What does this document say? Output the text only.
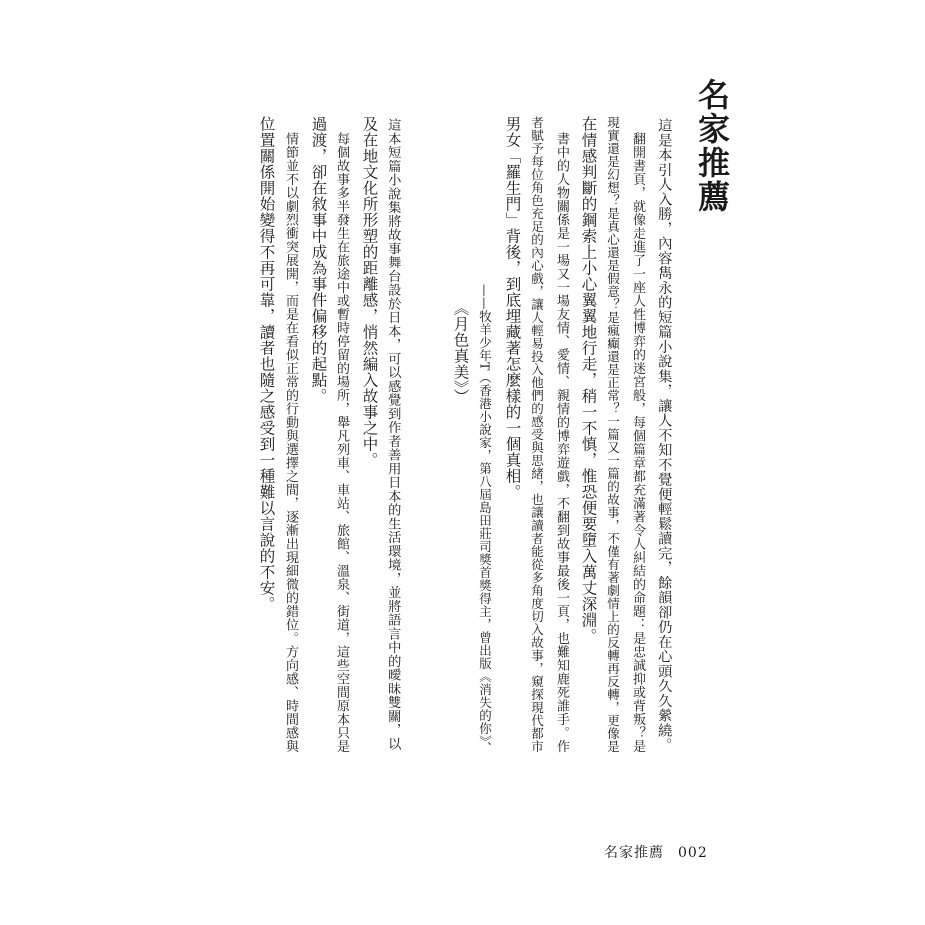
名家推薦
這是本引人入勝，內容雋永的短篇小說集，讓人不知不覺便輕鬆讀完，餘韻卻仍在心頭久久縈繞。
翻開書頁，就像走進了一座人性博弈的迷宮般，每個篇章都充滿著令人糾結的命題：是忠誠抑或背叛？是
現實還是幻想？是真心還是假意？是瘋癲還是正常？一篇又一篇的故事，不僅有著劇情上的反轉再反轉，更像是
在情感判斷的鋼索上小心翼翼地行走，稍一不慎，惟恐便要墮入萬丈深淵。
書中的人物關係是一場又一場友情、愛情、親情的博弈遊戲，不翻到故事最後一頁，也難知鹿死誰手。作
者賦予每位角色充足的內心戲，讓人輕易投入他們的感受與思緒，也讓讀者能從多角度切入故事，窺探現代都市
男女「羅生門」背後，到底埋藏著怎麼樣的一個真相。
——牧羊少年T（香港小說家，第八屆島田莊司獎首獎得主，曾出版《消失的你》、
《月色真美》）
這本短篇小說集將故事舞台設於日本，可以感覺到作者善用日本的生活環境，並將語言中的曖昧雙關，以
及在地文化所形塑的距離感，悄然編入故事之中。
每個故事多半發生在旅途中或暫時停留的場所，舉凡列車、車站、旅館、溫泉、街道，這些空間原本只是
過渡，卻在敘事中成為事件偏移的起點。
情節並不以劇烈衝突展開，而是在看似正常的行動與選擇之間，逐漸出現細微的錯位。方向感、時間感與
位置關係開始變得不再可靠，讀者也隨之感受到一種難以言說的不安。
名家推薦 002
